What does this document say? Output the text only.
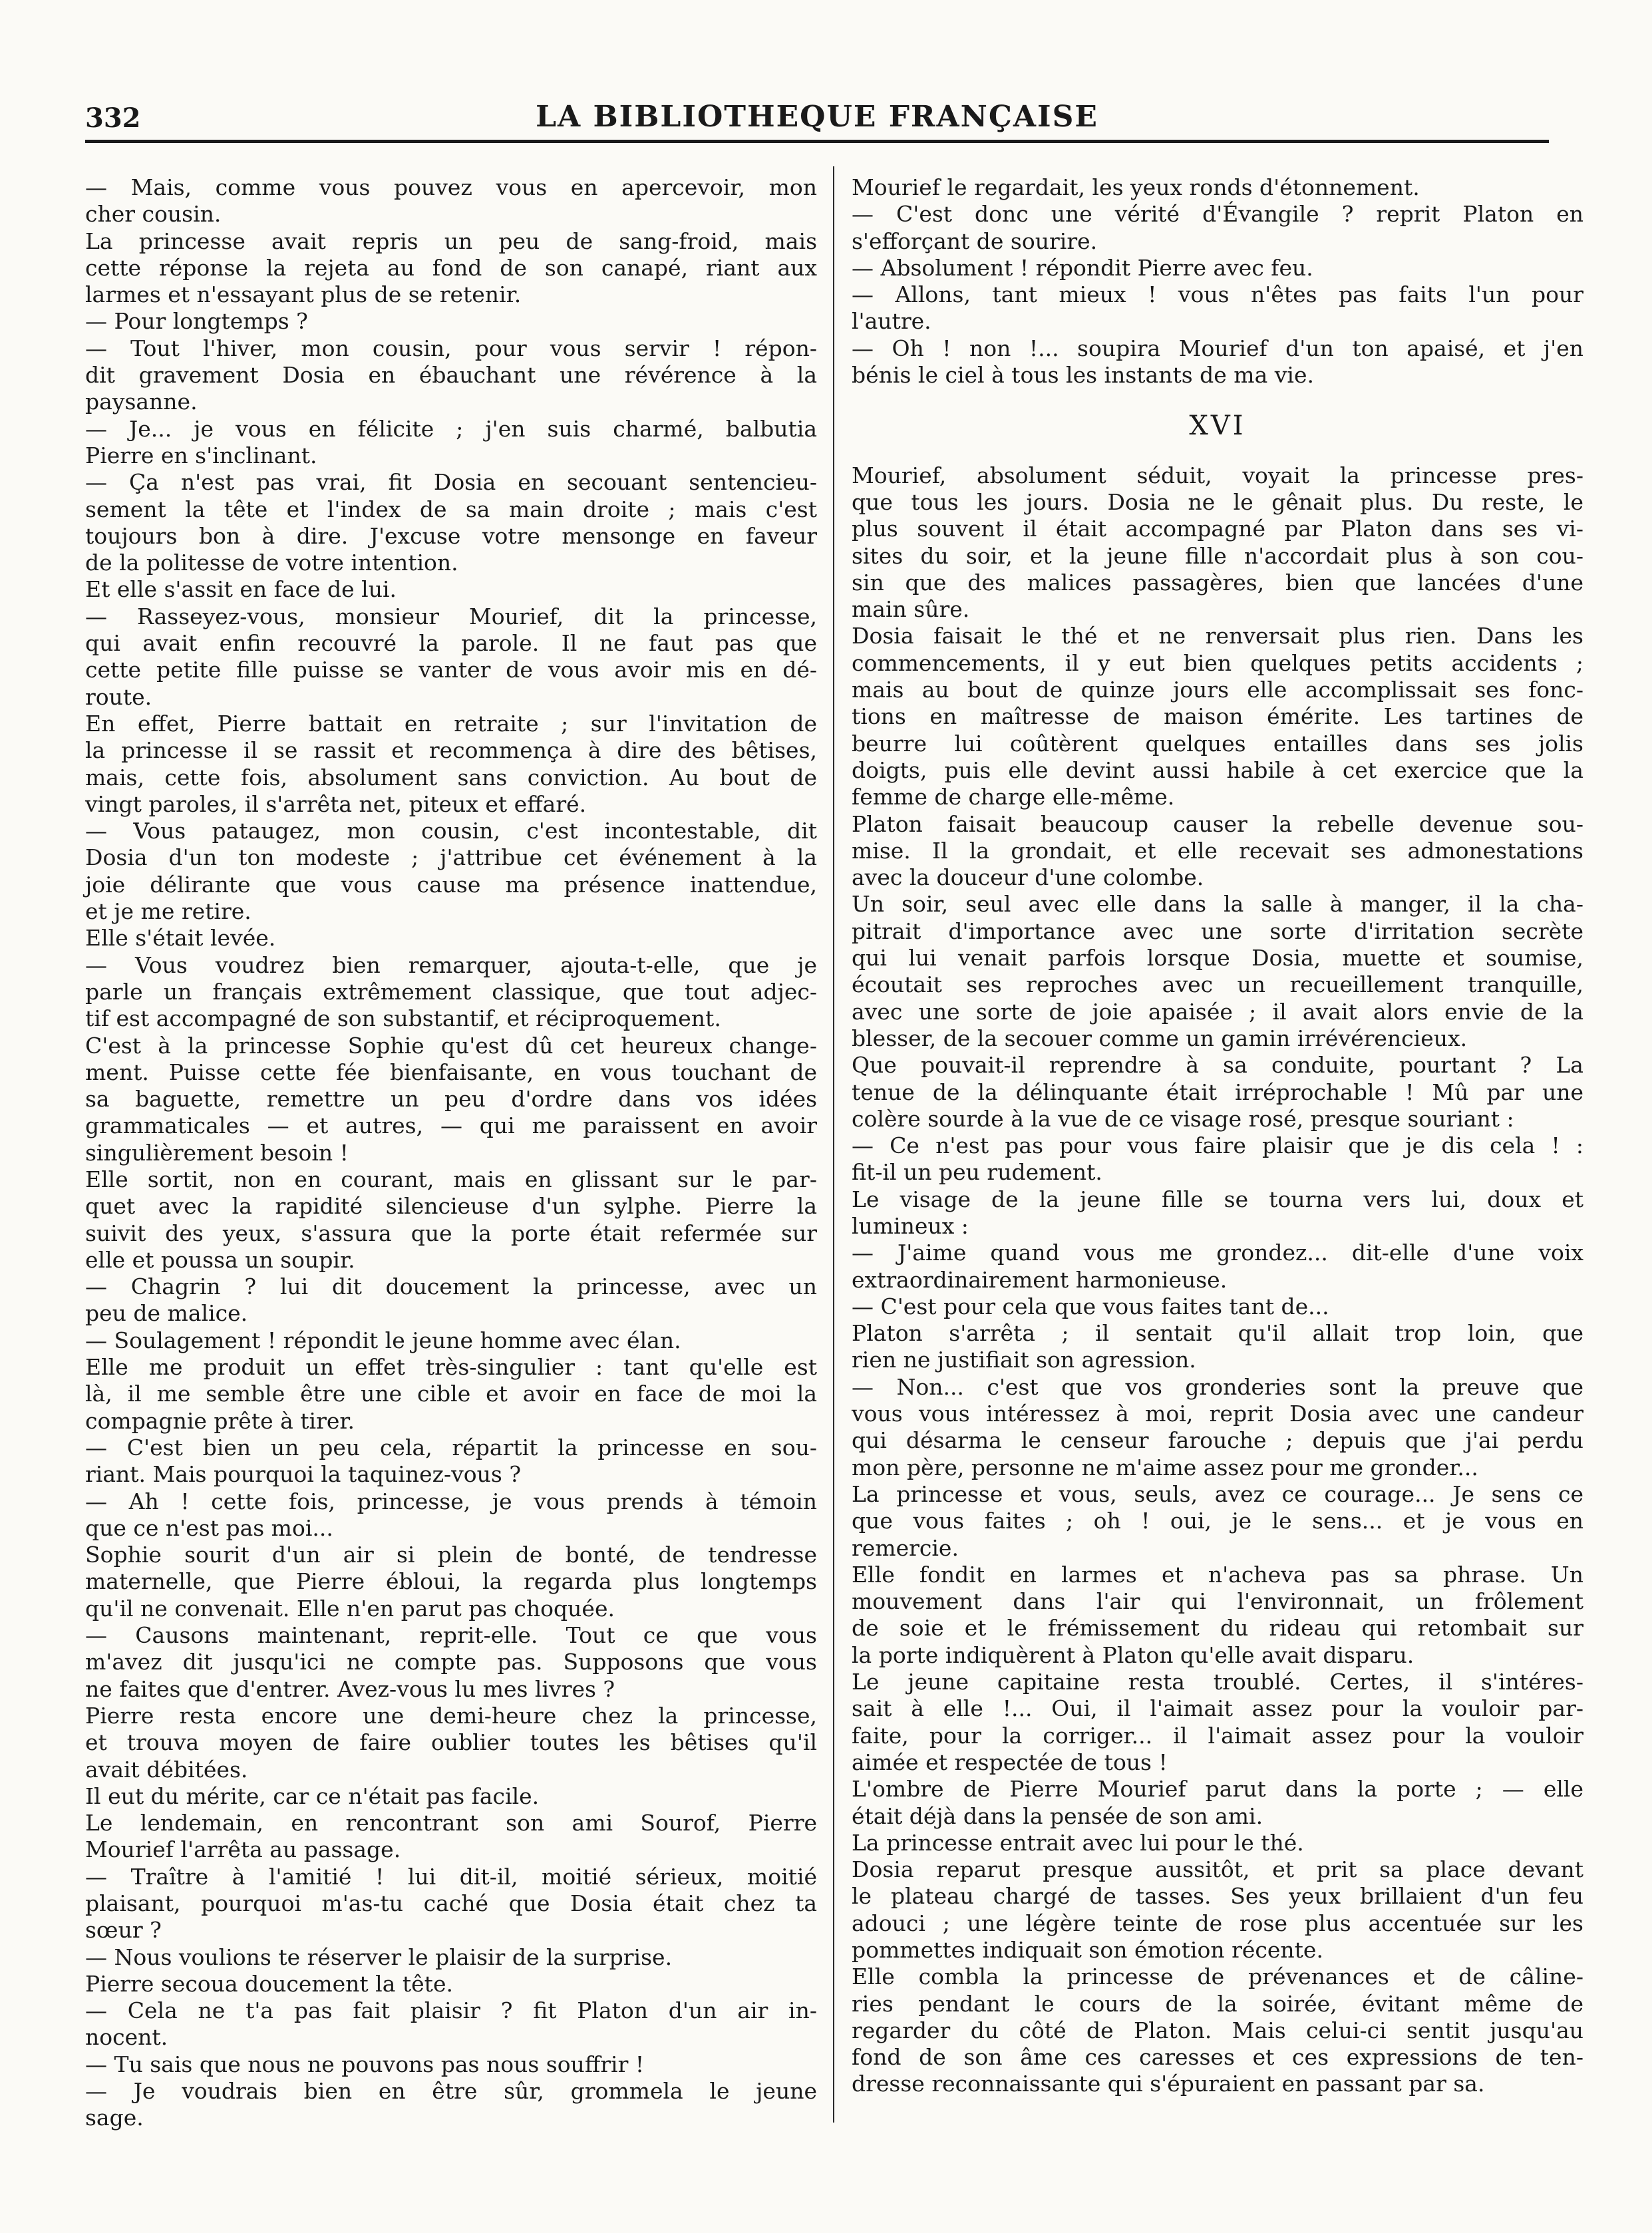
332	LA BIBLIOTHEQUE FRANÇAISE
— Mais, comme vous pouvez vous en apercevoir, mon
cher cousin.
La princesse avait repris un peu de sang-froid, mais
cette réponse la rejeta au fond de son canapé, riant aux
larmes et n'essayant plus de se retenir.
— Pour longtemps ?
— Tout l'hiver, mon cousin, pour vous servir ! répon-
dit gravement Dosia en ébauchant une révérence à la
paysanne.
— Je... je vous en félicite ; j'en suis charmé, balbutia
Pierre en s'inclinant.
— Ça n'est pas vrai, fit Dosia en secouant sentencieu-
sement la tête et l'index de sa main droite ; mais c'est
toujours bon à dire. J'excuse votre mensonge en faveur
de la politesse de votre intention.
Et elle s'assit en face de lui.
— Rasseyez-vous, monsieur Mourief, dit la princesse,
qui avait enfin recouvré la parole. Il ne faut pas que
cette petite fille puisse se vanter de vous avoir mis en dé-
route.
En effet, Pierre battait en retraite ; sur l'invitation de
la princesse il se rassit et recommença à dire des bêtises,
mais, cette fois, absolument sans conviction. Au bout de
vingt paroles, il s'arrêta net, piteux et effaré.
— Vous pataugez, mon cousin, c'est incontestable, dit
Dosia d'un ton modeste ; j'attribue cet événement à la
joie délirante que vous cause ma présence inattendue,
et je me retire.
Elle s'était levée.
— Vous voudrez bien remarquer, ajouta-t-elle, que je
parle un français extrêmement classique, que tout adjec-
tif est accompagné de son substantif, et réciproquement.
C'est à la princesse Sophie qu'est dû cet heureux change-
ment. Puisse cette fée bienfaisante, en vous touchant de
sa baguette, remettre un peu d'ordre dans vos idées
grammaticales — et autres, — qui me paraissent en avoir
singulièrement besoin !
Elle sortit, non en courant, mais en glissant sur le par-
quet avec la rapidité silencieuse d'un sylphe. Pierre la
suivit des yeux, s'assura que la porte était refermée sur
elle et poussa un soupir.
— Chagrin ? lui dit doucement la princesse, avec un
peu de malice.
— Soulagement ! répondit le jeune homme avec élan.
Elle me produit un effet très-singulier : tant qu'elle est
là, il me semble être une cible et avoir en face de moi la
compagnie prête à tirer.
— C'est bien un peu cela, répartit la princesse en sou-
riant. Mais pourquoi la taquinez-vous ?
— Ah ! cette fois, princesse, je vous prends à témoin
que ce n'est pas moi...
Sophie sourit d'un air si plein de bonté, de tendresse
maternelle, que Pierre ébloui, la regarda plus longtemps
qu'il ne convenait. Elle n'en parut pas choquée.
— Causons maintenant, reprit-elle. Tout ce que vous
m'avez dit jusqu'ici ne compte pas. Supposons que vous
ne faites que d'entrer. Avez-vous lu mes livres ?
Pierre resta encore une demi-heure chez la princesse,
et trouva moyen de faire oublier toutes les bêtises qu'il
avait débitées.
Il eut du mérite, car ce n'était pas facile.
Le lendemain, en rencontrant son ami Sourof, Pierre
Mourief l'arrêta au passage.
— Traître à l'amitié ! lui dit-il, moitié sérieux, moitié
plaisant, pourquoi m'as-tu caché que Dosia était chez ta
sœur ?
— Nous voulions te réserver le plaisir de la surprise.
Pierre secoua doucement la tête.
— Cela ne t'a pas fait plaisir ? fit Platon d'un air in-
nocent.
— Tu sais que nous ne pouvons pas nous souffrir !
— Je voudrais bien en être sûr, grommela le jeune
sage.
Mourief le regardait, les yeux ronds d'étonnement.
— C'est donc une vérité d'Évangile ? reprit Platon en
s'efforçant de sourire.
— Absolument ! répondit Pierre avec feu.
— Allons, tant mieux ! vous n'êtes pas faits l'un pour
l'autre.
— Oh ! non !... soupira Mourief d'un ton apaisé, et j'en
bénis le ciel à tous les instants de ma vie.
XVI
Mourief, absolument séduit, voyait la princesse pres-
que tous les jours. Dosia ne le gênait plus. Du reste, le
plus souvent il était accompagné par Platon dans ses vi-
sites du soir, et la jeune fille n'accordait plus à son cou-
sin que des malices passagères, bien que lancées d'une
main sûre.
Dosia faisait le thé et ne renversait plus rien. Dans les
commencements, il y eut bien quelques petits accidents ;
mais au bout de quinze jours elle accomplissait ses fonc-
tions en maîtresse de maison émérite. Les tartines de
beurre lui coûtèrent quelques entailles dans ses jolis
doigts, puis elle devint aussi habile à cet exercice que la
femme de charge elle-même.
Platon faisait beaucoup causer la rebelle devenue sou-
mise. Il la grondait, et elle recevait ses admonestations
avec la douceur d'une colombe.
Un soir, seul avec elle dans la salle à manger, il la cha-
pitrait d'importance avec une sorte d'irritation secrète
qui lui venait parfois lorsque Dosia, muette et soumise,
écoutait ses reproches avec un recueillement tranquille,
avec une sorte de joie apaisée ; il avait alors envie de la
blesser, de la secouer comme un gamin irrévérencieux.
Que pouvait-il reprendre à sa conduite, pourtant ? La
tenue de la délinquante était irréprochable ! Mû par une
colère sourde à la vue de ce visage rosé, presque souriant :
— Ce n'est pas pour vous faire plaisir que je dis cela ! :
fit-il un peu rudement.
Le visage de la jeune fille se tourna vers lui, doux et
lumineux :
— J'aime quand vous me grondez... dit-elle d'une voix
extraordinairement harmonieuse.
— C'est pour cela que vous faites tant de...
Platon s'arrêta ; il sentait qu'il allait trop loin, que
rien ne justifiait son agression.
— Non... c'est que vos gronderies sont la preuve que
vous vous intéressez à moi, reprit Dosia avec une candeur
qui désarma le censeur farouche ; depuis que j'ai perdu
mon père, personne ne m'aime assez pour me gronder...
La princesse et vous, seuls, avez ce courage... Je sens ce
que vous faites ; oh ! oui, je le sens... et je vous en
remercie.
Elle fondit en larmes et n'acheva pas sa phrase. Un
mouvement dans l'air qui l'environnait, un frôlement
de soie et le frémissement du rideau qui retombait sur
la porte indiquèrent à Platon qu'elle avait disparu.
Le jeune capitaine resta troublé. Certes, il s'intéres-
sait à elle !... Oui, il l'aimait assez pour la vouloir par-
faite, pour la corriger... il l'aimait assez pour la vouloir
aimée et respectée de tous !
L'ombre de Pierre Mourief parut dans la porte ; — elle
était déjà dans la pensée de son ami.
La princesse entrait avec lui pour le thé.
Dosia reparut presque aussitôt, et prit sa place devant
le plateau chargé de tasses. Ses yeux brillaient d'un feu
adouci ; une légère teinte de rose plus accentuée sur les
pommettes indiquait son émotion récente.
Elle combla la princesse de prévenances et de câline-
ries pendant le cours de la soirée, évitant même de
regarder du côté de Platon. Mais celui-ci sentit jusqu'au
fond de son âme ces caresses et ces expressions de ten-
dresse reconnaissante qui s'épuraient en passant par sa.
